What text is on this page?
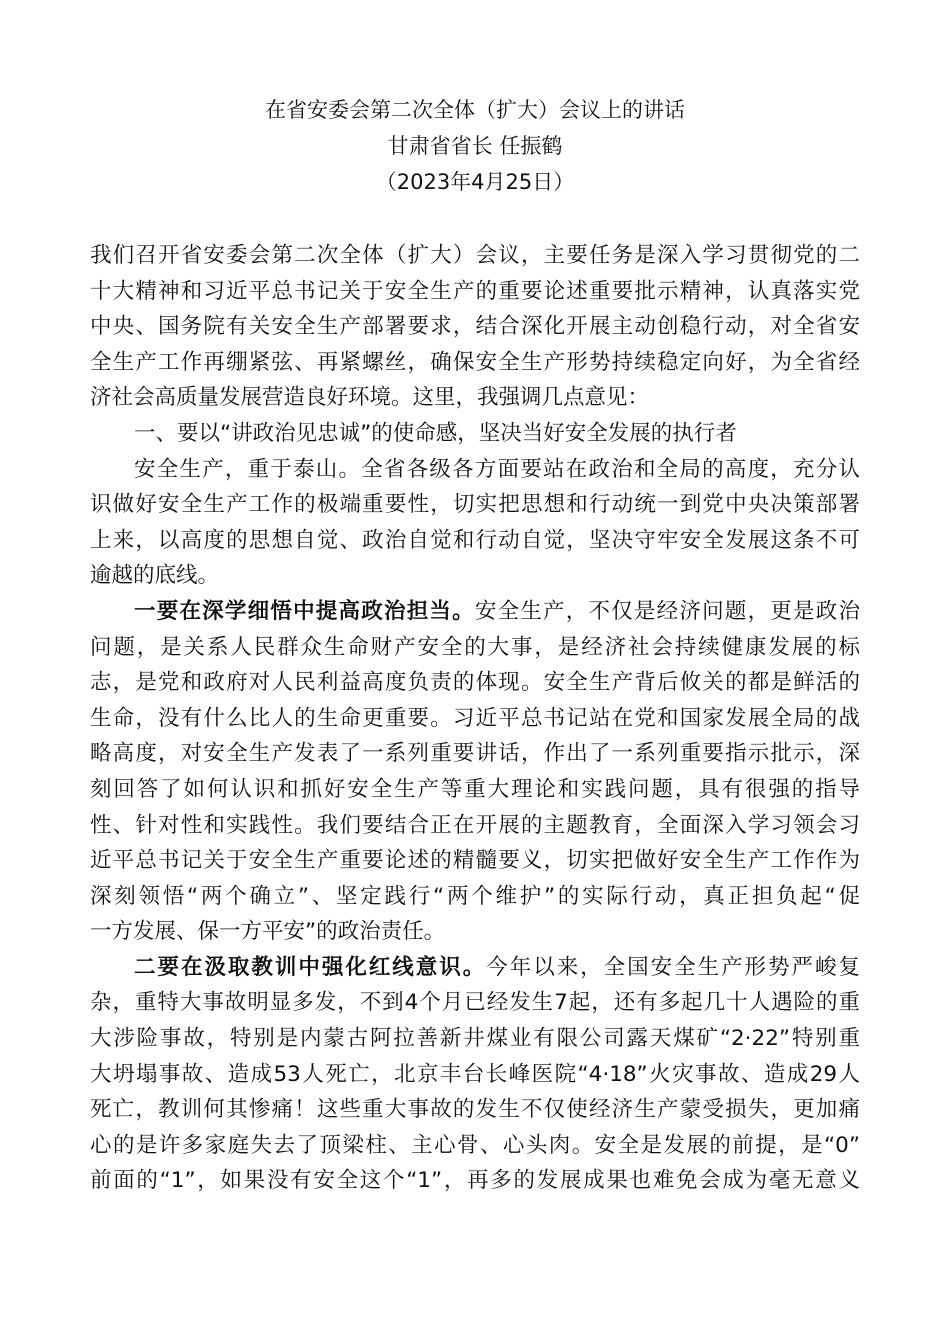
在省安委会第二次全体（扩大）会议上的讲话
甘肃省省长 任振鹤
（2023年4月25日）
我们召开省安委会第二次全体（扩大）会议，主要任务是深入学习贯彻党的二
十大精神和习近平总书记关于安全生产的重要论述重要批示精神，认真落实党
中央、国务院有关安全生产部署要求，结合深化开展主动创稳行动，对全省安
全生产工作再绷紧弦、再紧螺丝，确保安全生产形势持续稳定向好，为全省经
济社会高质量发展营造良好环境。这里，我强调几点意见：
一、要以“讲政治见忠诚”的使命感，坚决当好安全发展的执行者
安全生产，重于泰山。全省各级各方面要站在政治和全局的高度，充分认
识做好安全生产工作的极端重要性，切实把思想和行动统一到党中央决策部署
上来，以高度的思想自觉、政治自觉和行动自觉，坚决守牢安全发展这条不可
逾越的底线。
一要在深学细悟中提高政治担当。安全生产，不仅是经济问题，更是政治
问题，是关系人民群众生命财产安全的大事，是经济社会持续健康发展的标
志，是党和政府对人民利益高度负责的体现。安全生产背后攸关的都是鲜活的
生命，没有什么比人的生命更重要。习近平总书记站在党和国家发展全局的战
略高度，对安全生产发表了一系列重要讲话，作出了一系列重要指示批示，深
刻回答了如何认识和抓好安全生产等重大理论和实践问题，具有很强的指导
性、针对性和实践性。我们要结合正在开展的主题教育，全面深入学习领会习
近平总书记关于安全生产重要论述的精髓要义，切实把做好安全生产工作作为
深刻领悟“两个确立”、坚定践行“两个维护”的实际行动，真正担负起“促
一方发展、保一方平安”的政治责任。
二要在汲取教训中强化红线意识。今年以来，全国安全生产形势严峻复
杂，重特大事故明显多发，不到4个月已经发生7起，还有多起几十人遇险的重
大涉险事故，特别是内蒙古阿拉善新井煤业有限公司露天煤矿“2·22”特别重
大坍塌事故、造成53人死亡，北京丰台长峰医院“4·18”火灾事故、造成29人
死亡，教训何其惨痛！这些重大事故的发生不仅使经济生产蒙受损失，更加痛
心的是许多家庭失去了顶梁柱、主心骨、心头肉。安全是发展的前提，是“0”
前面的“1”，如果没有安全这个“1”，再多的发展成果也难免会成为毫无意义
